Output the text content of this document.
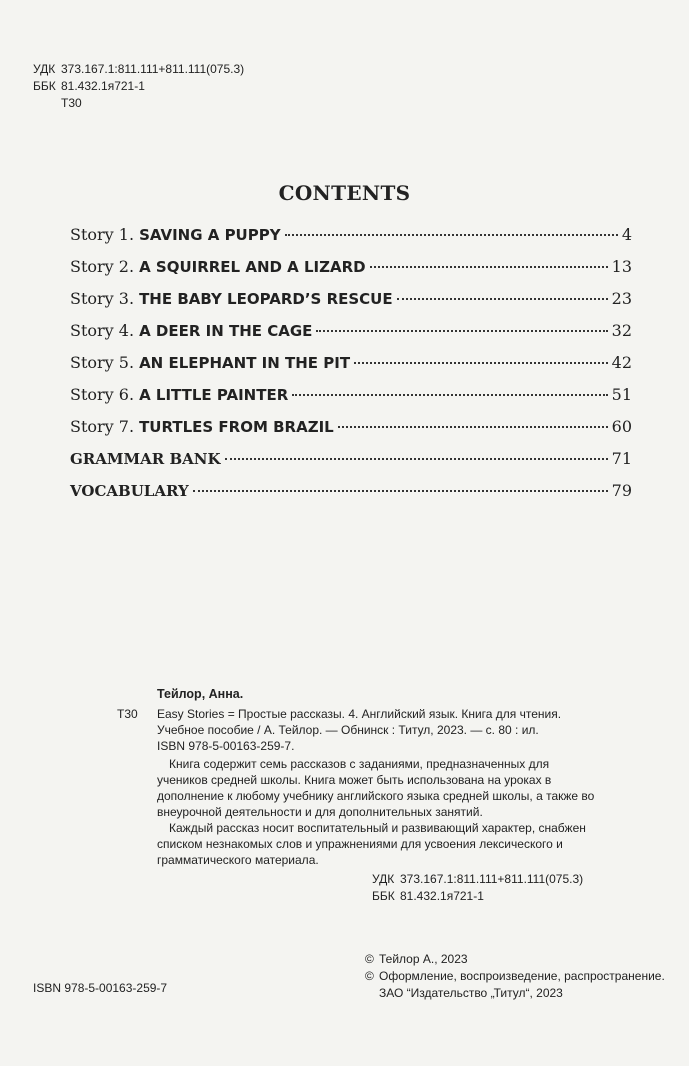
УДК 373.167.1:811.111+811.111(075.3)
ББК 81.432.1я721-1
Т30
CONTENTS
Story 1. SAVING A PUPPY	4
Story 2. A SQUIRREL AND A LIZARD	13
Story 3. THE BABY LEOPARD’S RESCUE	23
Story 4. A DEER IN THE CAGE	32
Story 5. AN ELEPHANT IN THE PIT	42
Story 6. A LITTLE PAINTER	51
Story 7. TURTLES FROM BRAZIL	60
GRAMMAR BANK	71
VOCABULARY	79
Тейлор, Анна.
Т30 Easy Stories = Простые рассказы. 4. Английский язык. Книга для чтения. Учебное пособие / А. Тейлор. — Обнинск : Титул, 2023. — с. 80 : ил.
ISBN 978-5-00163-259-7.

Книга содержит семь рассказов с заданиями, предназначенных для учеников средней школы. Книга может быть использована на уроках в дополнение к любому учебнику английского языка средней школы, а также во внеурочной деятельности и для дополнительных занятий.

Каждый рассказ носит воспитательный и развивающий характер, снабжен списком незнакомых слов и упражнениями для усвоения лексического и грамматического материала.

УДК 373.167.1:811.111+811.111(075.3)
ББК 81.432.1я721-1
© Тейлор А., 2023
© Оформление, воспроизведение, распространение.
ЗАО “Издательство „Титул“, 2023
ISBN 978-5-00163-259-7
